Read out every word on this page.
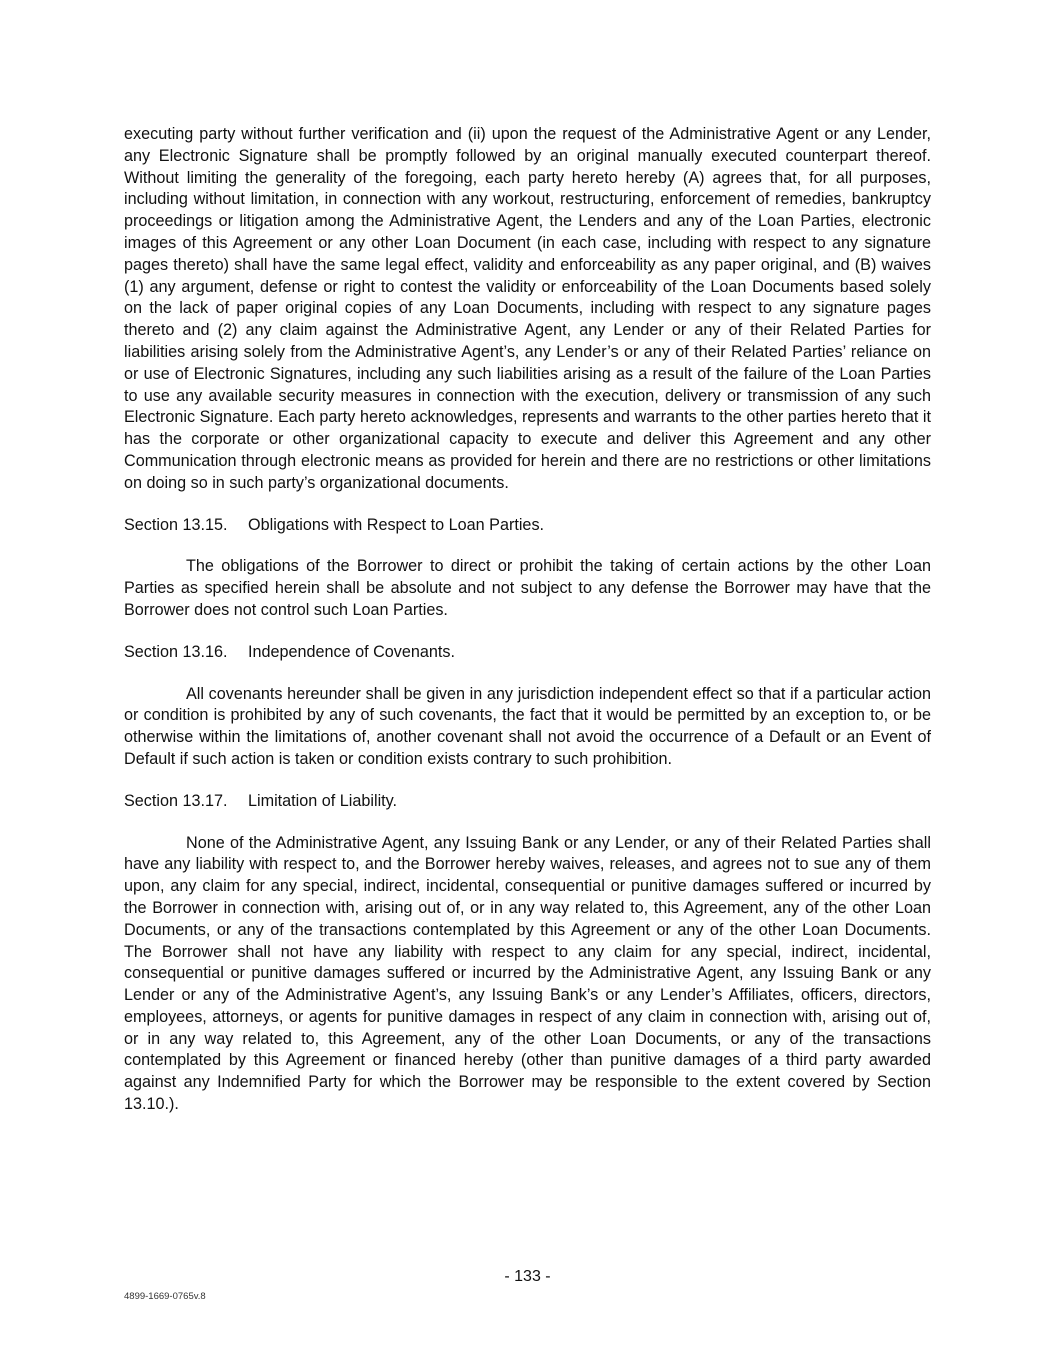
executing party without further verification and (ii) upon the request of the Administrative Agent or any Lender, any Electronic Signature shall be promptly followed by an original manually executed counterpart thereof. Without limiting the generality of the foregoing, each party hereto hereby (A) agrees that, for all purposes, including without limitation, in connection with any workout, restructuring, enforcement of remedies, bankruptcy proceedings or litigation among the Administrative Agent, the Lenders and any of the Loan Parties, electronic images of this Agreement or any other Loan Document (in each case, including with respect to any signature pages thereto) shall have the same legal effect, validity and enforceability as any paper original, and (B) waives (1) any argument, defense or right to contest the validity or enforceability of the Loan Documents based solely on the lack of paper original copies of any Loan Documents, including with respect to any signature pages thereto and (2) any claim against the Administrative Agent, any Lender or any of their Related Parties for liabilities arising solely from the Administrative Agent’s, any Lender’s or any of their Related Parties’ reliance on or use of Electronic Signatures, including any such liabilities arising as a result of the failure of the Loan Parties to use any available security measures in connection with the execution, delivery or transmission of any such Electronic Signature. Each party hereto acknowledges, represents and warrants to the other parties hereto that it has the corporate or other organizational capacity to execute and deliver this Agreement and any other Communication through electronic means as provided for herein and there are no restrictions or other limitations on doing so in such party’s organizational documents.

Section 13.15. Obligations with Respect to Loan Parties.

The obligations of the Borrower to direct or prohibit the taking of certain actions by the other Loan Parties as specified herein shall be absolute and not subject to any defense the Borrower may have that the Borrower does not control such Loan Parties.

Section 13.16. Independence of Covenants.

All covenants hereunder shall be given in any jurisdiction independent effect so that if a particular action or condition is prohibited by any of such covenants, the fact that it would be permitted by an exception to, or be otherwise within the limitations of, another covenant shall not avoid the occurrence of a Default or an Event of Default if such action is taken or condition exists contrary to such prohibition.

Section 13.17. Limitation of Liability.

None of the Administrative Agent, any Issuing Bank or any Lender, or any of their Related Parties shall have any liability with respect to, and the Borrower hereby waives, releases, and agrees not to sue any of them upon, any claim for any special, indirect, incidental, consequential or punitive damages suffered or incurred by the Borrower in connection with, arising out of, or in any way related to, this Agreement, any of the other Loan Documents, or any of the transactions contemplated by this Agreement or any of the other Loan Documents. The Borrower shall not have any liability with respect to any claim for any special, indirect, incidental, consequential or punitive damages suffered or incurred by the Administrative Agent, any Issuing Bank or any Lender or any of the Administrative Agent’s, any Issuing Bank’s or any Lender’s Affiliates, officers, directors, employees, attorneys, or agents for punitive damages in respect of any claim in connection with, arising out of, or in any way related to, this Agreement, any of the other Loan Documents, or any of the transactions contemplated by this Agreement or financed hereby (other than punitive damages of a third party awarded against any Indemnified Party for which the Borrower may be responsible to the extent covered by Section 13.10.).

- 133 -
4899-1669-0765v.8
